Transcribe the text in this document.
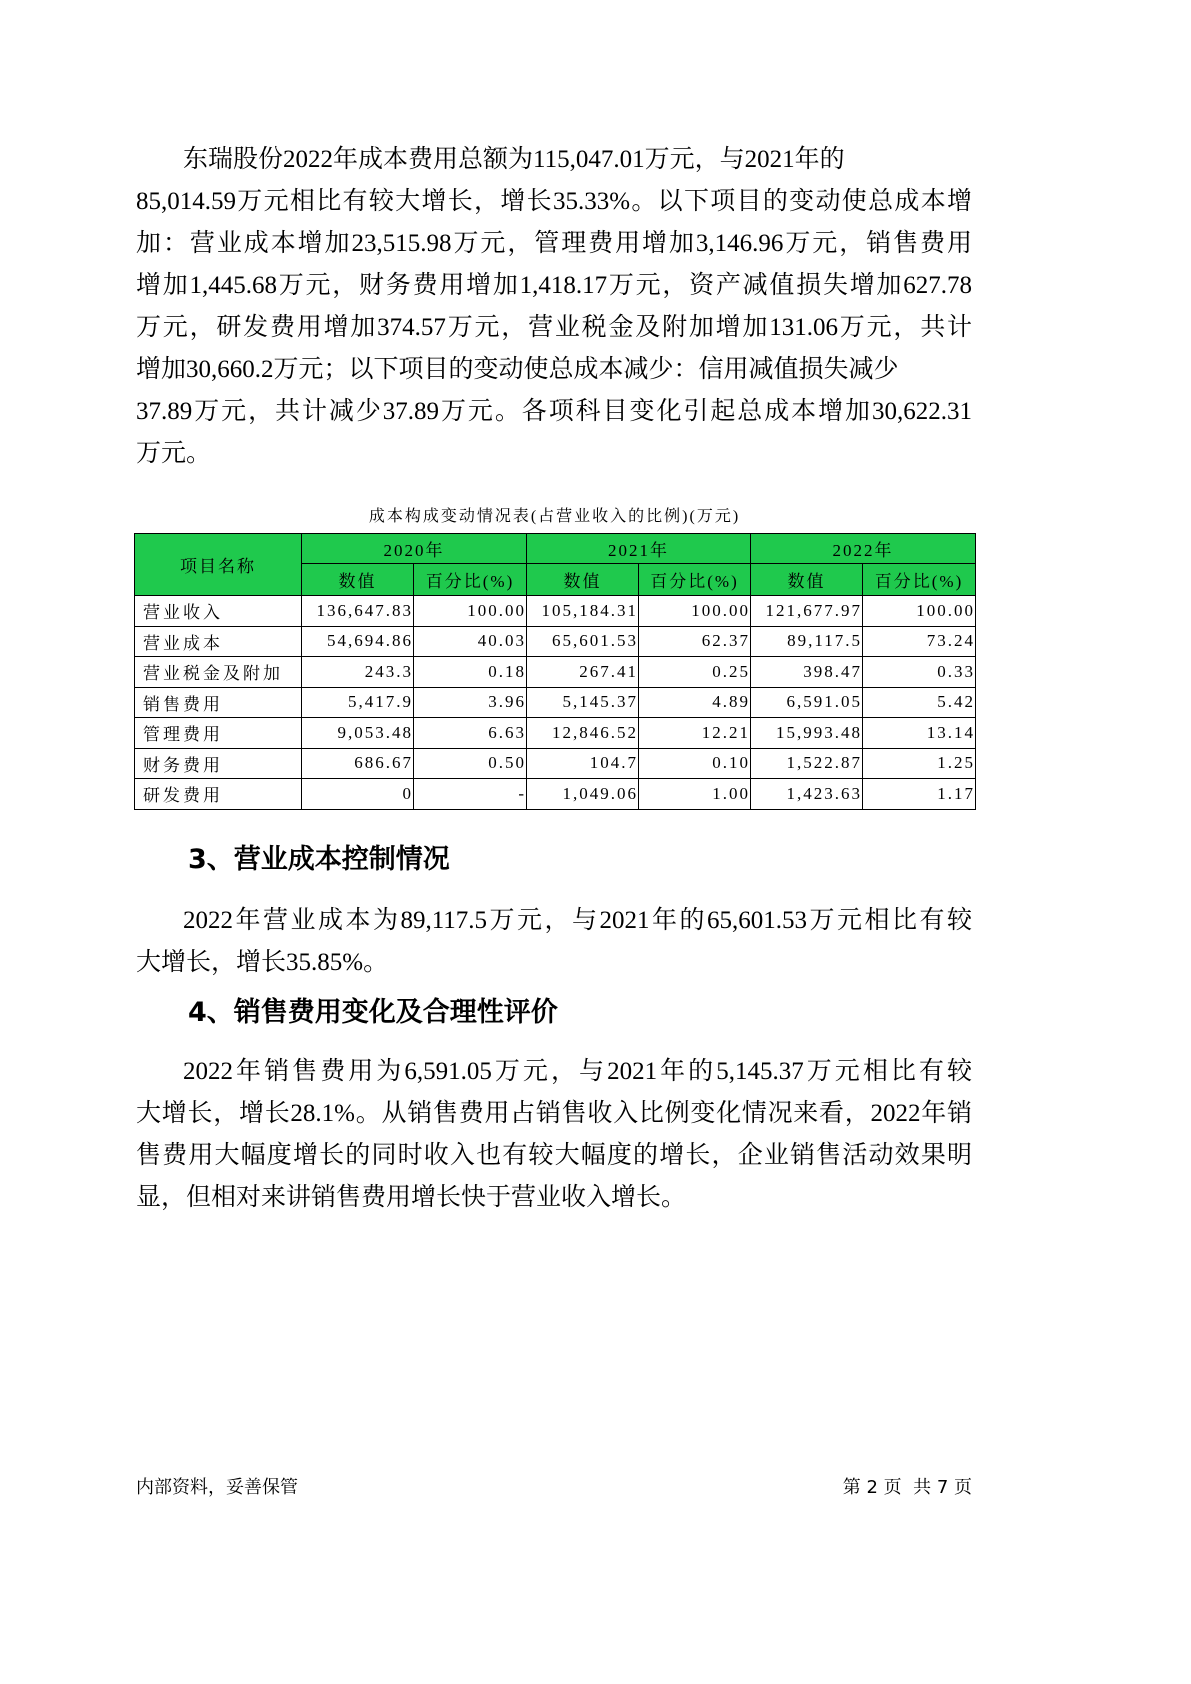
东瑞股份2022年成本费用总额为115,047.01万元，与2021年的
85,014.59万元相比有较大增长，增长35.33%。以下项目的变动使总成本增
加：营业成本增加23,515.98万元，管理费用增加3,146.96万元，销售费用
增加1,445.68万元，财务费用增加1,418.17万元，资产减值损失增加627.78
万元，研发费用增加374.57万元，营业税金及附加增加131.06万元，共计
增加30,660.2万元；以下项目的变动使总成本减少：信用减值损失减少
37.89万元，共计减少37.89万元。各项科目变化引起总成本增加30,622.31
万元。
成本构成变动情况表(占营业收入的比例)(万元)
项目名称	2020年		2021年		2022年	
	数值	百分比(%)	数值	百分比(%)	数值	百分比(%)
营业收入	136,647.83	100.00	105,184.31	100.00	121,677.97	100.00
营业成本	54,694.86	40.03	65,601.53	62.37	89,117.5	73.24
营业税金及附加	243.3	0.18	267.41	0.25	398.47	0.33
销售费用	5,417.9	3.96	5,145.37	4.89	6,591.05	5.42
管理费用	9,053.48	6.63	12,846.52	12.21	15,993.48	13.14
财务费用	686.67	0.50	104.7	0.10	1,522.87	1.25
研发费用	0	-	1,049.06	1.00	1,423.63	1.17
3、营业成本控制情况
2022年营业成本为89,117.5万元，与2021年的65,601.53万元相比有较
大增长，增长35.85%。
4、销售费用变化及合理性评价
2022年销售费用为6,591.05万元，与2021年的5,145.37万元相比有较
大增长，增长28.1%。从销售费用占销售收入比例变化情况来看，2022年销
售费用大幅度增长的同时收入也有较大幅度的增长，企业销售活动效果明
显，但相对来讲销售费用增长快于营业收入增长。
内部资料，妥善保管	第 2 页  共 7 页
